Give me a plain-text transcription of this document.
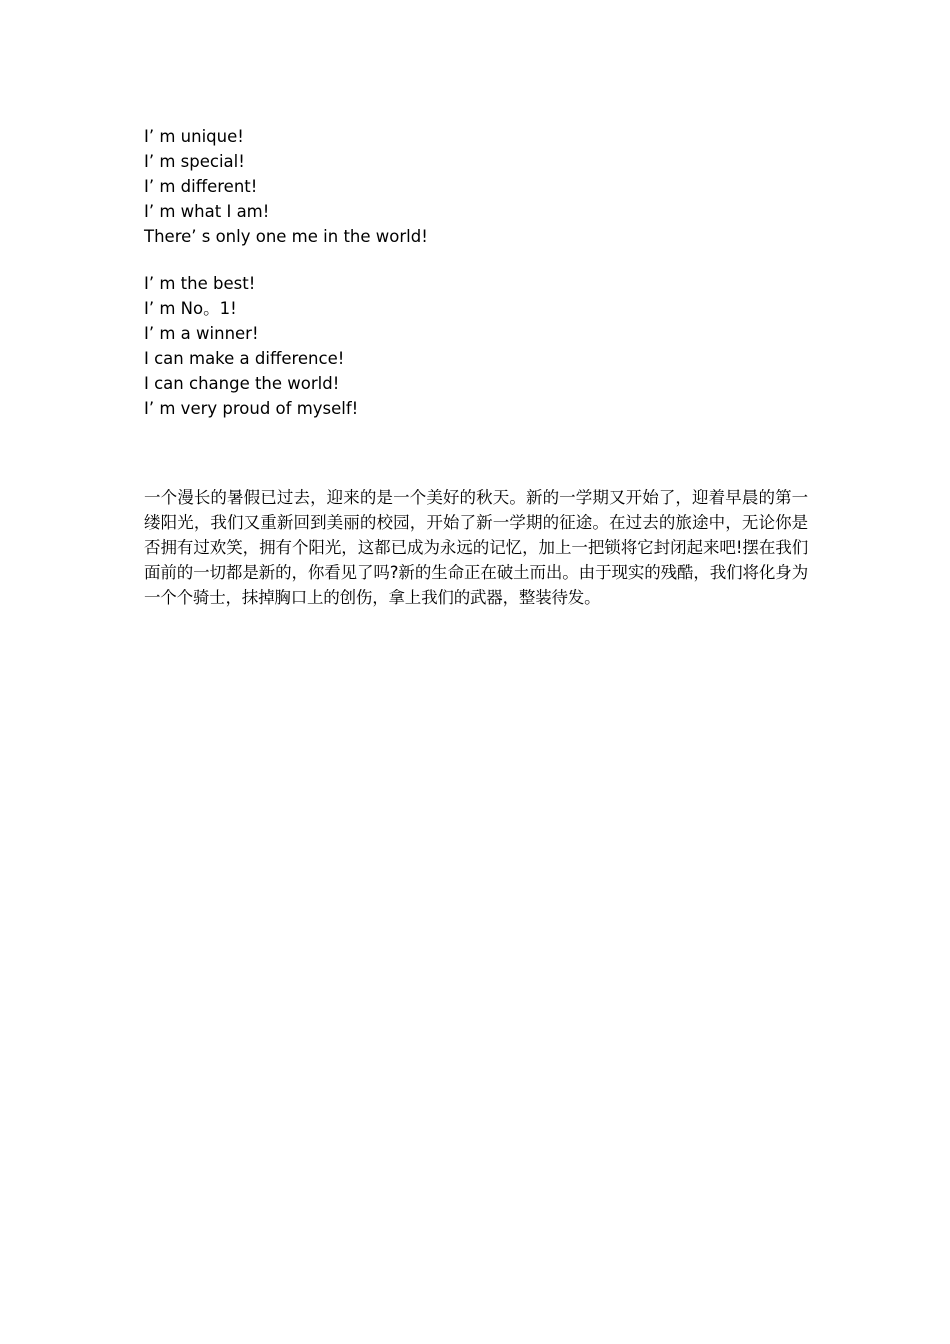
I’ m unique!
I’ m special!
I’ m different!
I’ m what I am!
There’ s only one me in the world!
I’ m the best!
I’ m No。1!
I’ m a winner!
I can make a difference!
I can change the world!
I’ m very proud of myself!

一个漫长的暑假已过去，迎来的是一个美好的秋天。新的一学期又开始了，迎着早晨的第一缕阳光，我们又重新回到美丽的校园，开始了新一学期的征途。在过去的旅途中，无论你是否拥有过欢笑，拥有个阳光，这都已成为永远的记忆，加上一把锁将它封闭起来吧!摆在我们面前的一切都是新的，你看见了吗?新的生命正在破土而出。由于现实的残酷，我们将化身为一个个骑士，抹掉胸口上的创伤，拿上我们的武器，整装待发。
